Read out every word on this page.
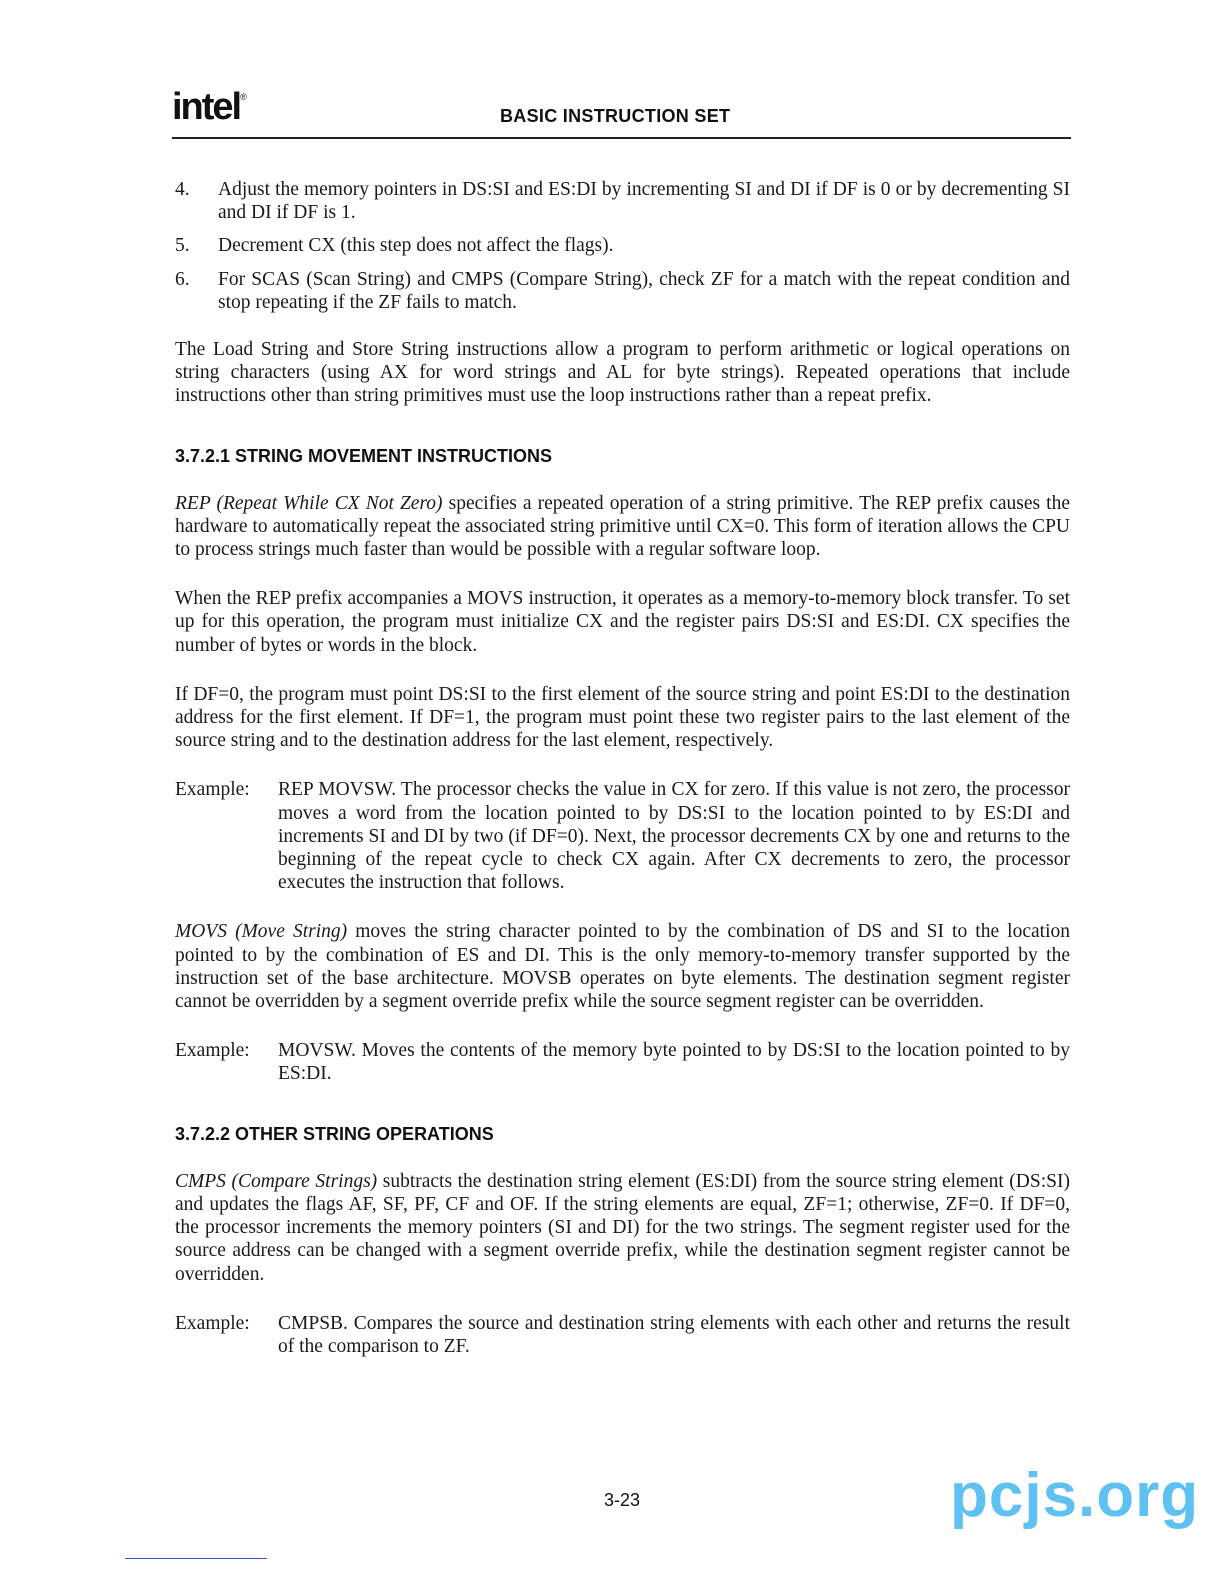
intel®
BASIC INSTRUCTION SET
4.	Adjust the memory pointers in DS:SI and ES:DI by incrementing SI and DI if DF is 0 or by decrementing SI and DI if DF is 1.
5.	Decrement CX (this step does not affect the flags).
6.	For SCAS (Scan String) and CMPS (Compare String), check ZF for a match with the repeat condition and stop repeating if the ZF fails to match.

The Load String and Store String instructions allow a program to perform arithmetic or logical operations on string characters (using AX for word strings and AL for byte strings). Repeated operations that include instructions other than string primitives must use the loop instructions rather than a repeat prefix.

3.7.2.1 STRING MOVEMENT INSTRUCTIONS

REP (Repeat While CX Not Zero) specifies a repeated operation of a string primitive. The REP prefix causes the hardware to automatically repeat the associated string primitive until CX=0. This form of iteration allows the CPU to process strings much faster than would be possible with a regular software loop.

When the REP prefix accompanies a MOVS instruction, it operates as a memory-to-memory block transfer. To set up for this operation, the program must initialize CX and the register pairs DS:SI and ES:DI. CX specifies the number of bytes or words in the block.

If DF=0, the program must point DS:SI to the first element of the source string and point ES:DI to the destination address for the first element. If DF=1, the program must point these two register pairs to the last element of the source string and to the destination address for the last element, respectively.

Example:	REP MOVSW. The processor checks the value in CX for zero. If this value is not zero, the processor moves a word from the location pointed to by DS:SI to the location pointed to by ES:DI and increments SI and DI by two (if DF=0). Next, the processor decrements CX by one and returns to the beginning of the repeat cycle to check CX again. After CX decrements to zero, the processor executes the instruction that follows.

MOVS (Move String) moves the string character pointed to by the combination of DS and SI to the location pointed to by the combination of ES and DI. This is the only memory-to-memory transfer supported by the instruction set of the base architecture. MOVSB operates on byte elements. The destination segment register cannot be overridden by a segment override prefix while the source segment register can be overridden.

Example:	MOVSW. Moves the contents of the memory byte pointed to by DS:SI to the location pointed to by ES:DI.
3.7.2.2 OTHER STRING OPERATIONS

CMPS (Compare Strings) subtracts the destination string element (ES:DI) from the source string element (DS:SI) and updates the flags AF, SF, PF, CF and OF. If the string elements are equal, ZF=1; otherwise, ZF=0. If DF=0, the processor increments the memory pointers (SI and DI) for the two strings. The segment register used for the source address can be changed with a segment override prefix, while the destination segment register cannot be overridden.

Example:	CMPSB. Compares the source and destination string elements with each other and returns the result of the comparison to ZF.
3-23	pcjs.org
